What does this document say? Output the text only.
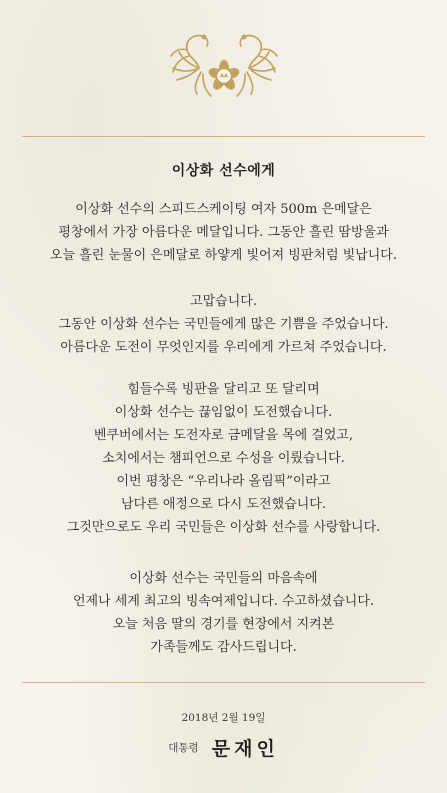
이상화 선수에게
이상화 선수의 스피드스케이팅 여자 500m 은메달은
평창에서 가장 아름다운 메달입니다. 그동안 흘린 땀방울과
오늘 흘린 눈물이 은메달로 하얗게 빛어져 빙판처럼 빛납니다.
고맙습니다.
그동안 이상화 선수는 국민들에게 많은 기쁨을 주었습니다.
아름다운 도전이 무엇인지를 우리에게 가르쳐 주었습니다.
힘들수록 빙판을 달리고 또 달리며
이상화 선수는 끊임없이 도전했습니다.
벤쿠버에서는 도전자로 금메달을 목에 걸었고,
소치에서는 챔피언으로 수성을 이뤘습니다.
이번 평창은 “우리나라 올림픽”이라고
남다른 애정으로 다시 도전했습니다.
그것만으로도 우리 국민들은 이상화 선수를 사랑합니다.
이상화 선수는 국민들의 마음속에
언제나 세계 최고의 빙속여제입니다. 수고하셨습니다.
오늘 처음 딸의 경기를 현장에서 지켜본
가족들께도 감사드립니다.
2018년 2월 19일
대통령 문재인
